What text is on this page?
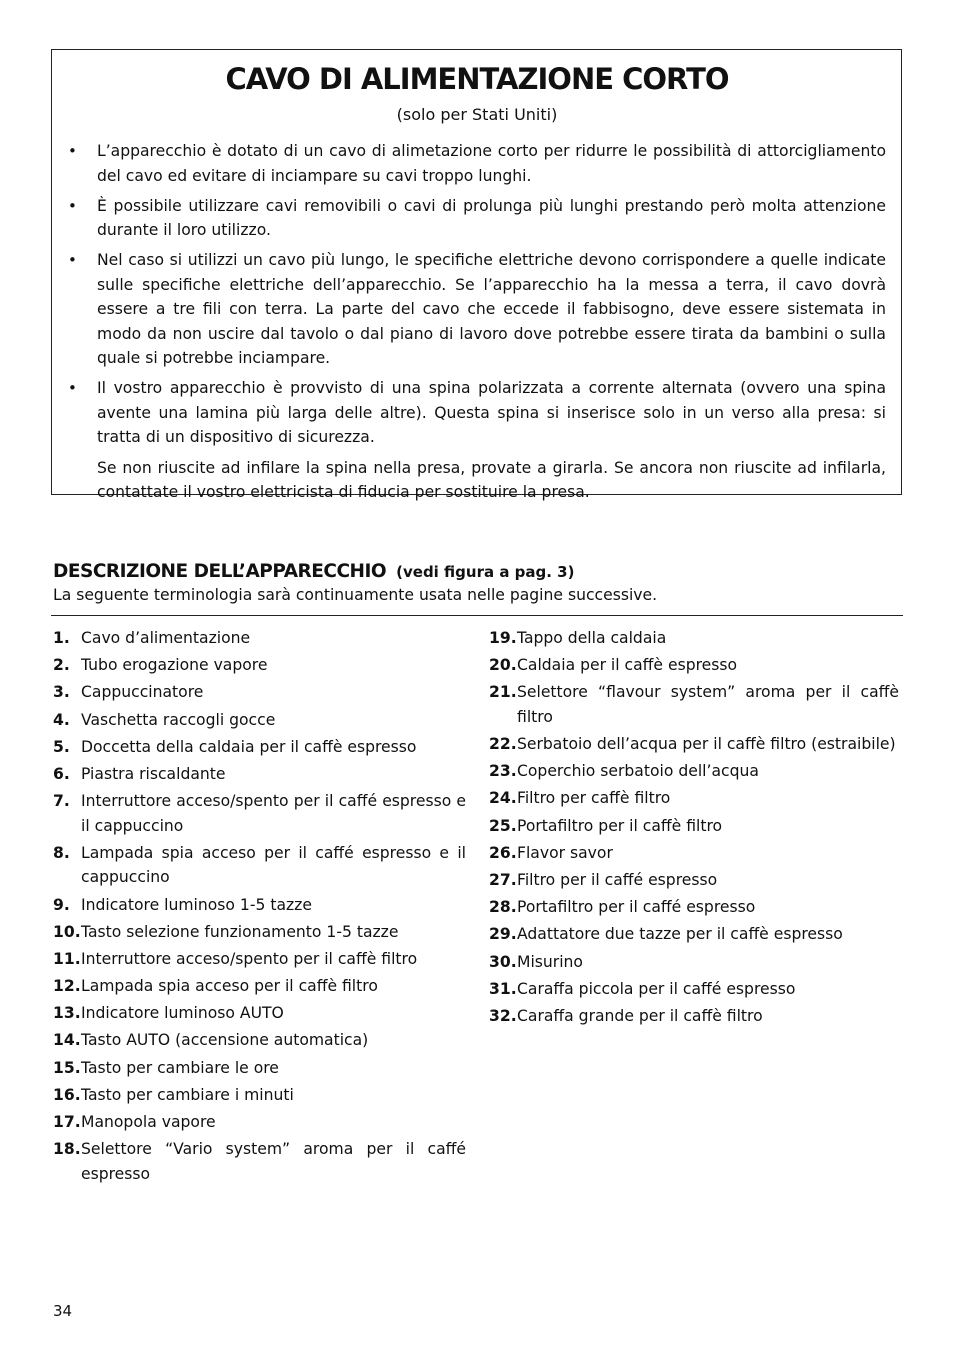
CAVO DI ALIMENTAZIONE CORTO
(solo per Stati Uniti)
• L’apparecchio è dotato di un cavo di alimetazione corto per ridurre le possibilità di attorcigliamento del cavo ed evitare di inciampare su cavi troppo lunghi.
• È possibile utilizzare cavi removibili o cavi di prolunga più lunghi prestando però molta attenzione durante il loro utilizzo.
• Nel caso si utilizzi un cavo più lungo, le specifiche elettriche devono corrispondere a quelle indicate sulle specifiche elettriche dell’apparecchio. Se l’apparecchio ha la messa a terra, il cavo dovrà essere a tre fili con terra. La parte del cavo che eccede il fabbisogno, deve essere sistemata in modo da non uscire dal tavolo o dal piano di lavoro dove potrebbe essere tirata da bambini o sulla quale si potrebbe inciampare.
• Il vostro apparecchio è provvisto di una spina polarizzata a corrente alternata (ovvero una spina avente una lamina più larga delle altre). Questa spina si inserisce solo in un verso alla presa: si tratta di un dispositivo di sicurezza.
Se non riuscite ad infilare la spina nella presa, provate a girarla. Se ancora non riuscite ad infilarla, contattate il vostro elettricista di fiducia per sostituire la presa.
DESCRIZIONE DELL’APPARECCHIO (vedi figura a pag. 3)
La seguente terminologia sarà continuamente usata nelle pagine successive.
1. Cavo d’alimentazione
2. Tubo erogazione vapore
3. Cappuccinatore
4. Vaschetta raccogli gocce
5. Doccetta della caldaia per il caffè espresso
6. Piastra riscaldante
7. Interruttore acceso/spento per il caffé espresso e il cappuccino
8. Lampada spia acceso per il caffé espresso e il cappuccino
9. Indicatore luminoso 1-5 tazze
10. Tasto selezione funzionamento 1-5 tazze
11. Interruttore acceso/spento per il caffè filtro
12. Lampada spia acceso per il caffè filtro
13. Indicatore luminoso AUTO
14. Tasto AUTO (accensione automatica)
15. Tasto per cambiare le ore
16. Tasto per cambiare i minuti
17. Manopola vapore
18. Selettore “Vario system” aroma per il caffé espresso
19. Tappo della caldaia
20. Caldaia per il caffè espresso
21. Selettore “flavour system” aroma per il caffè filtro
22. Serbatoio dell’acqua per il caffè filtro (estraibile)
23. Coperchio serbatoio dell’acqua
24. Filtro per caffè filtro
25. Portafiltro per il caffè filtro
26. Flavor savor
27. Filtro per il caffé espresso
28. Portafiltro per il caffé espresso
29. Adattatore due tazze per il caffè espresso
30. Misurino
31. Caraffa piccola per il caffé espresso
32. Caraffa grande per il caffè filtro
34
